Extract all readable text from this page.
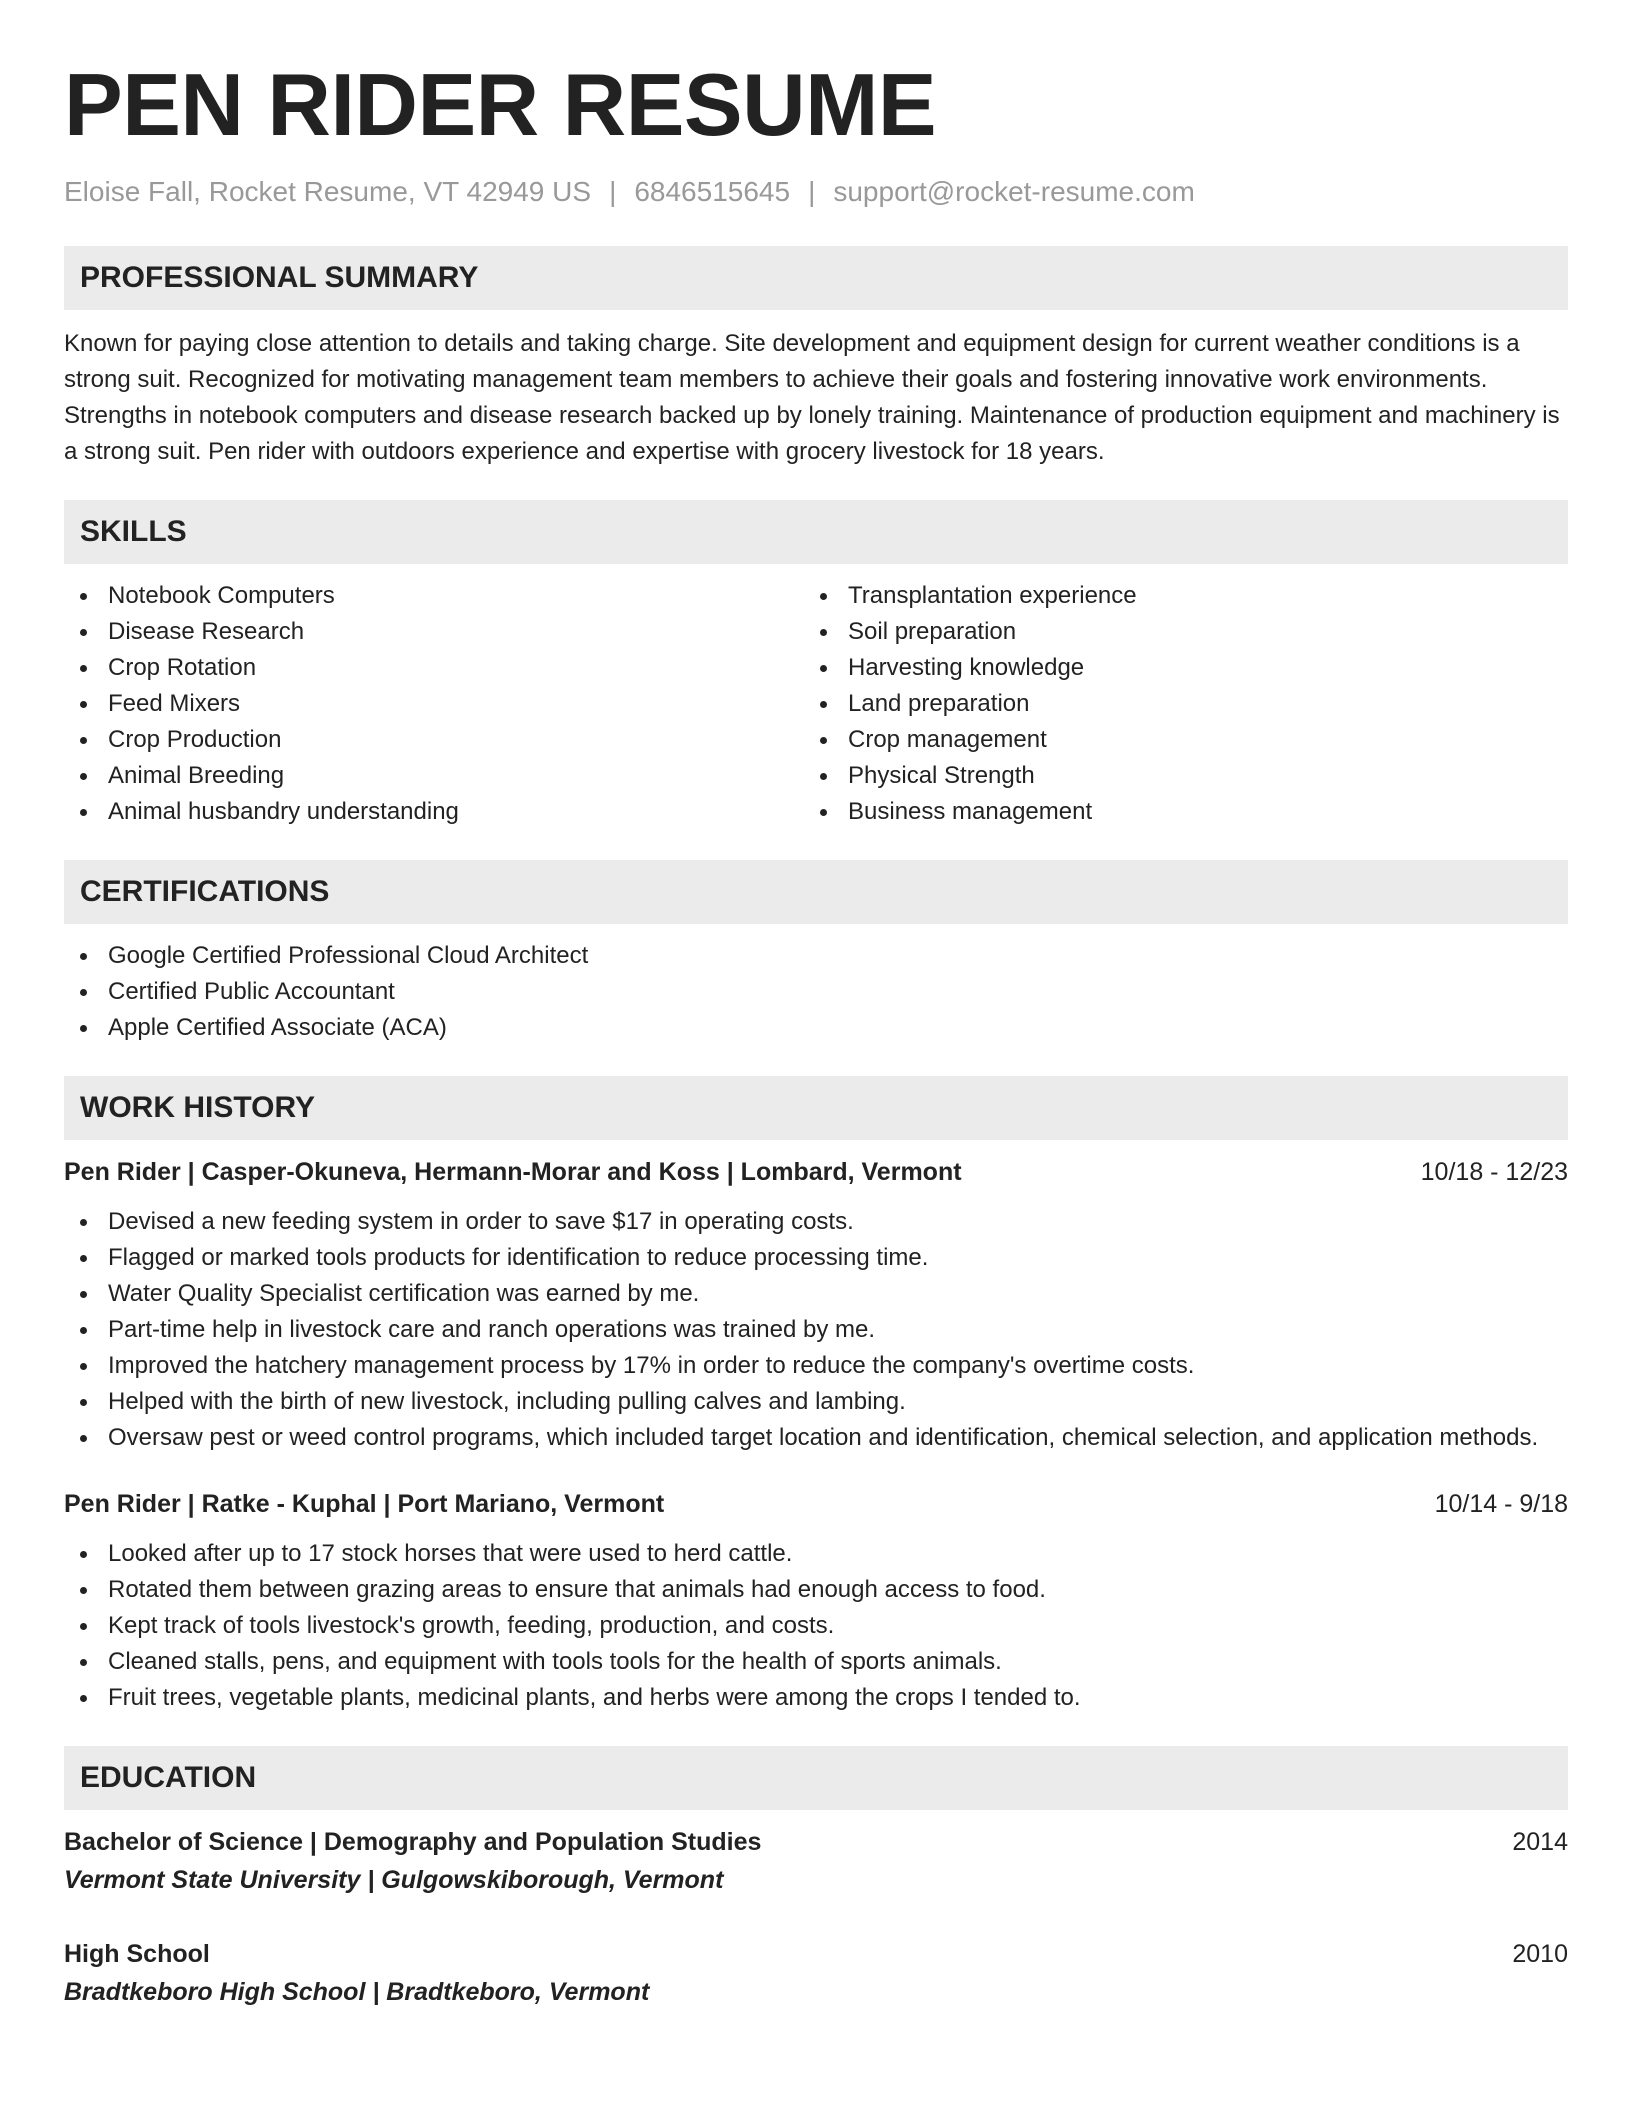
PEN RIDER RESUME
Eloise Fall, Rocket Resume, VT 42949 US | 6846515645 | support@rocket-resume.com
PROFESSIONAL SUMMARY
Known for paying close attention to details and taking charge. Site development and equipment design for current weather conditions is a strong suit. Recognized for motivating management team members to achieve their goals and fostering innovative work environments. Strengths in notebook computers and disease research backed up by lonely training. Maintenance of production equipment and machinery is a strong suit. Pen rider with outdoors experience and expertise with grocery livestock for 18 years.
SKILLS
Notebook Computers
Disease Research
Crop Rotation
Feed Mixers
Crop Production
Animal Breeding
Animal husbandry understanding
Transplantation experience
Soil preparation
Harvesting knowledge
Land preparation
Crop management
Physical Strength
Business management
CERTIFICATIONS
Google Certified Professional Cloud Architect
Certified Public Accountant
Apple Certified Associate (ACA)
WORK HISTORY
Pen Rider | Casper-Okuneva, Hermann-Morar and Koss | Lombard, Vermont	10/18 - 12/23
Devised a new feeding system in order to save $17 in operating costs.
Flagged or marked tools products for identification to reduce processing time.
Water Quality Specialist certification was earned by me.
Part-time help in livestock care and ranch operations was trained by me.
Improved the hatchery management process by 17% in order to reduce the company's overtime costs.
Helped with the birth of new livestock, including pulling calves and lambing.
Oversaw pest or weed control programs, which included target location and identification, chemical selection, and application methods.
Pen Rider | Ratke - Kuphal | Port Mariano, Vermont	10/14 - 9/18
Looked after up to 17 stock horses that were used to herd cattle.
Rotated them between grazing areas to ensure that animals had enough access to food.
Kept track of tools livestock's growth, feeding, production, and costs.
Cleaned stalls, pens, and equipment with tools tools for the health of sports animals.
Fruit trees, vegetable plants, medicinal plants, and herbs were among the crops I tended to.
EDUCATION
Bachelor of Science | Demography and Population Studies	2014
Vermont State University | Gulgowskiborough, Vermont
High School	2010
Bradtkeboro High School | Bradtkeboro, Vermont
